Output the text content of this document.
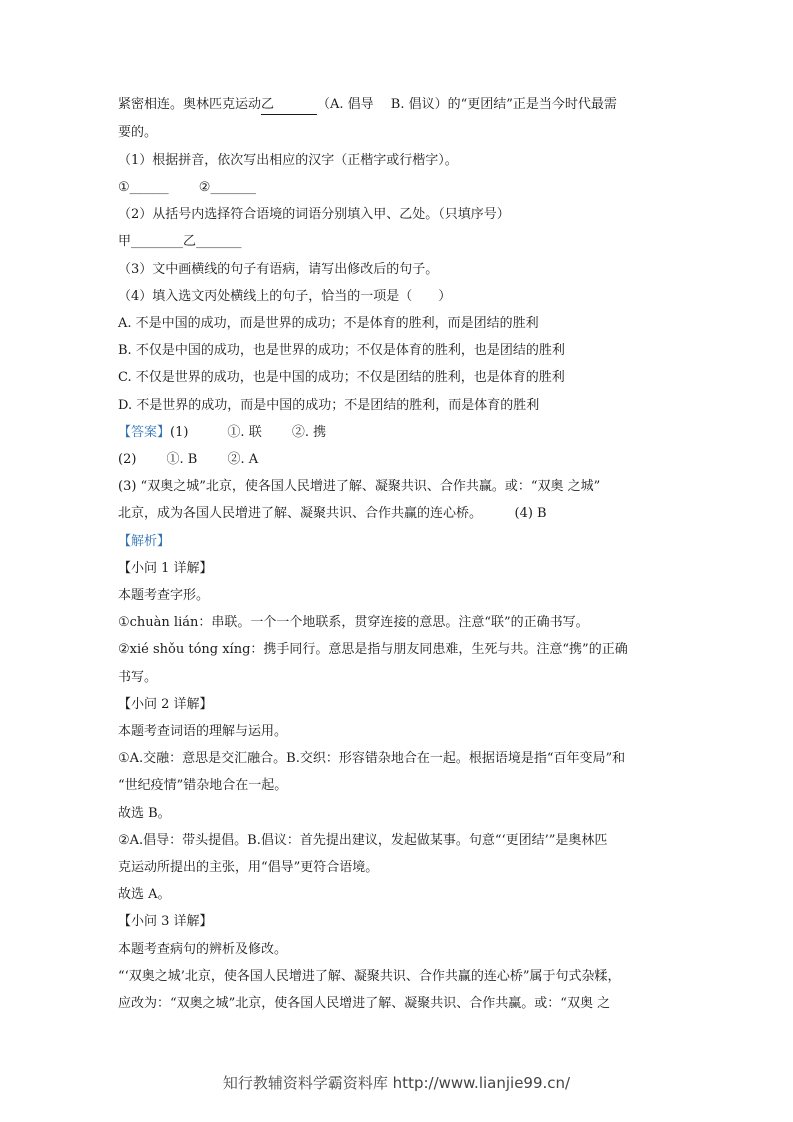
紧密相连。奥林匹克运动乙	（A. 倡导　 B. 倡议）的“更团结”正是当今时代最需
要的。
（1）根据拼音，依次写出相应的汉字（正楷字或行楷字）。
①______　　 ②_______
（2）从括号内选择符合语境的词语分别填入甲、乙处。（只填序号）
甲________乙_______
（3）文中画横线的句子有语病，请写出修改后的句子。
（4）填入选文丙处横线上的句子，恰当的一项是（　　）
A. 不是中国的成功，而是世界的成功；不是体育的胜利，而是团结的胜利
B. 不仅是中国的成功，也是世界的成功；不仅是体育的胜利，也是团结的胜利
C. 不仅是世界的成功，也是中国的成功；不仅是团结的胜利，也是体育的胜利
D. 不是世界的成功，而是中国的成功；不是团结的胜利，而是体育的胜利
【答案】(1)　　　①. 联　　 ②. 携
(2)　　 ①. B　　 ②. A
(3) “双奥之城”北京，使各国人民增进了解、凝聚共识、合作共赢。或：“双奥 之城”
北京，成为各国人民增进了解、凝聚共识、合作共赢的连心桥。　　　(4) B
【解析】
【小问 1 详解】
本题考查字形。
①chuàn lián：串联。一个一个地联系，贯穿连接的意思。注意“联”的正确书写。
②xié shǒu tóng xíng：携手同行。意思是指与朋友同患难，生死与共。注意“携”的正确
书写。
【小问 2 详解】
本题考查词语的理解与运用。
①A.交融：意思是交汇融合。B.交织：形容错杂地合在一起。根据语境是指“百年变局”和
“世纪疫情”错杂地合在一起。
故选 B。
②A.倡导：带头提倡。B.倡议：首先提出建议，发起做某事。句意“‘更团结’”是奥林匹
克运动所提出的主张，用“倡导”更符合语境。
故选 A。
【小问 3 详解】
本题考查病句的辨析及修改。
“‘双奥之城’北京，使各国人民增进了解、凝聚共识、合作共赢的连心桥”属于句式杂糅，
应改为：“双奥之城”北京，使各国人民增进了解、凝聚共识、合作共赢。或：“双奥 之
知行教辅资料学霸资料库 http://www.lianjie99.cn/
